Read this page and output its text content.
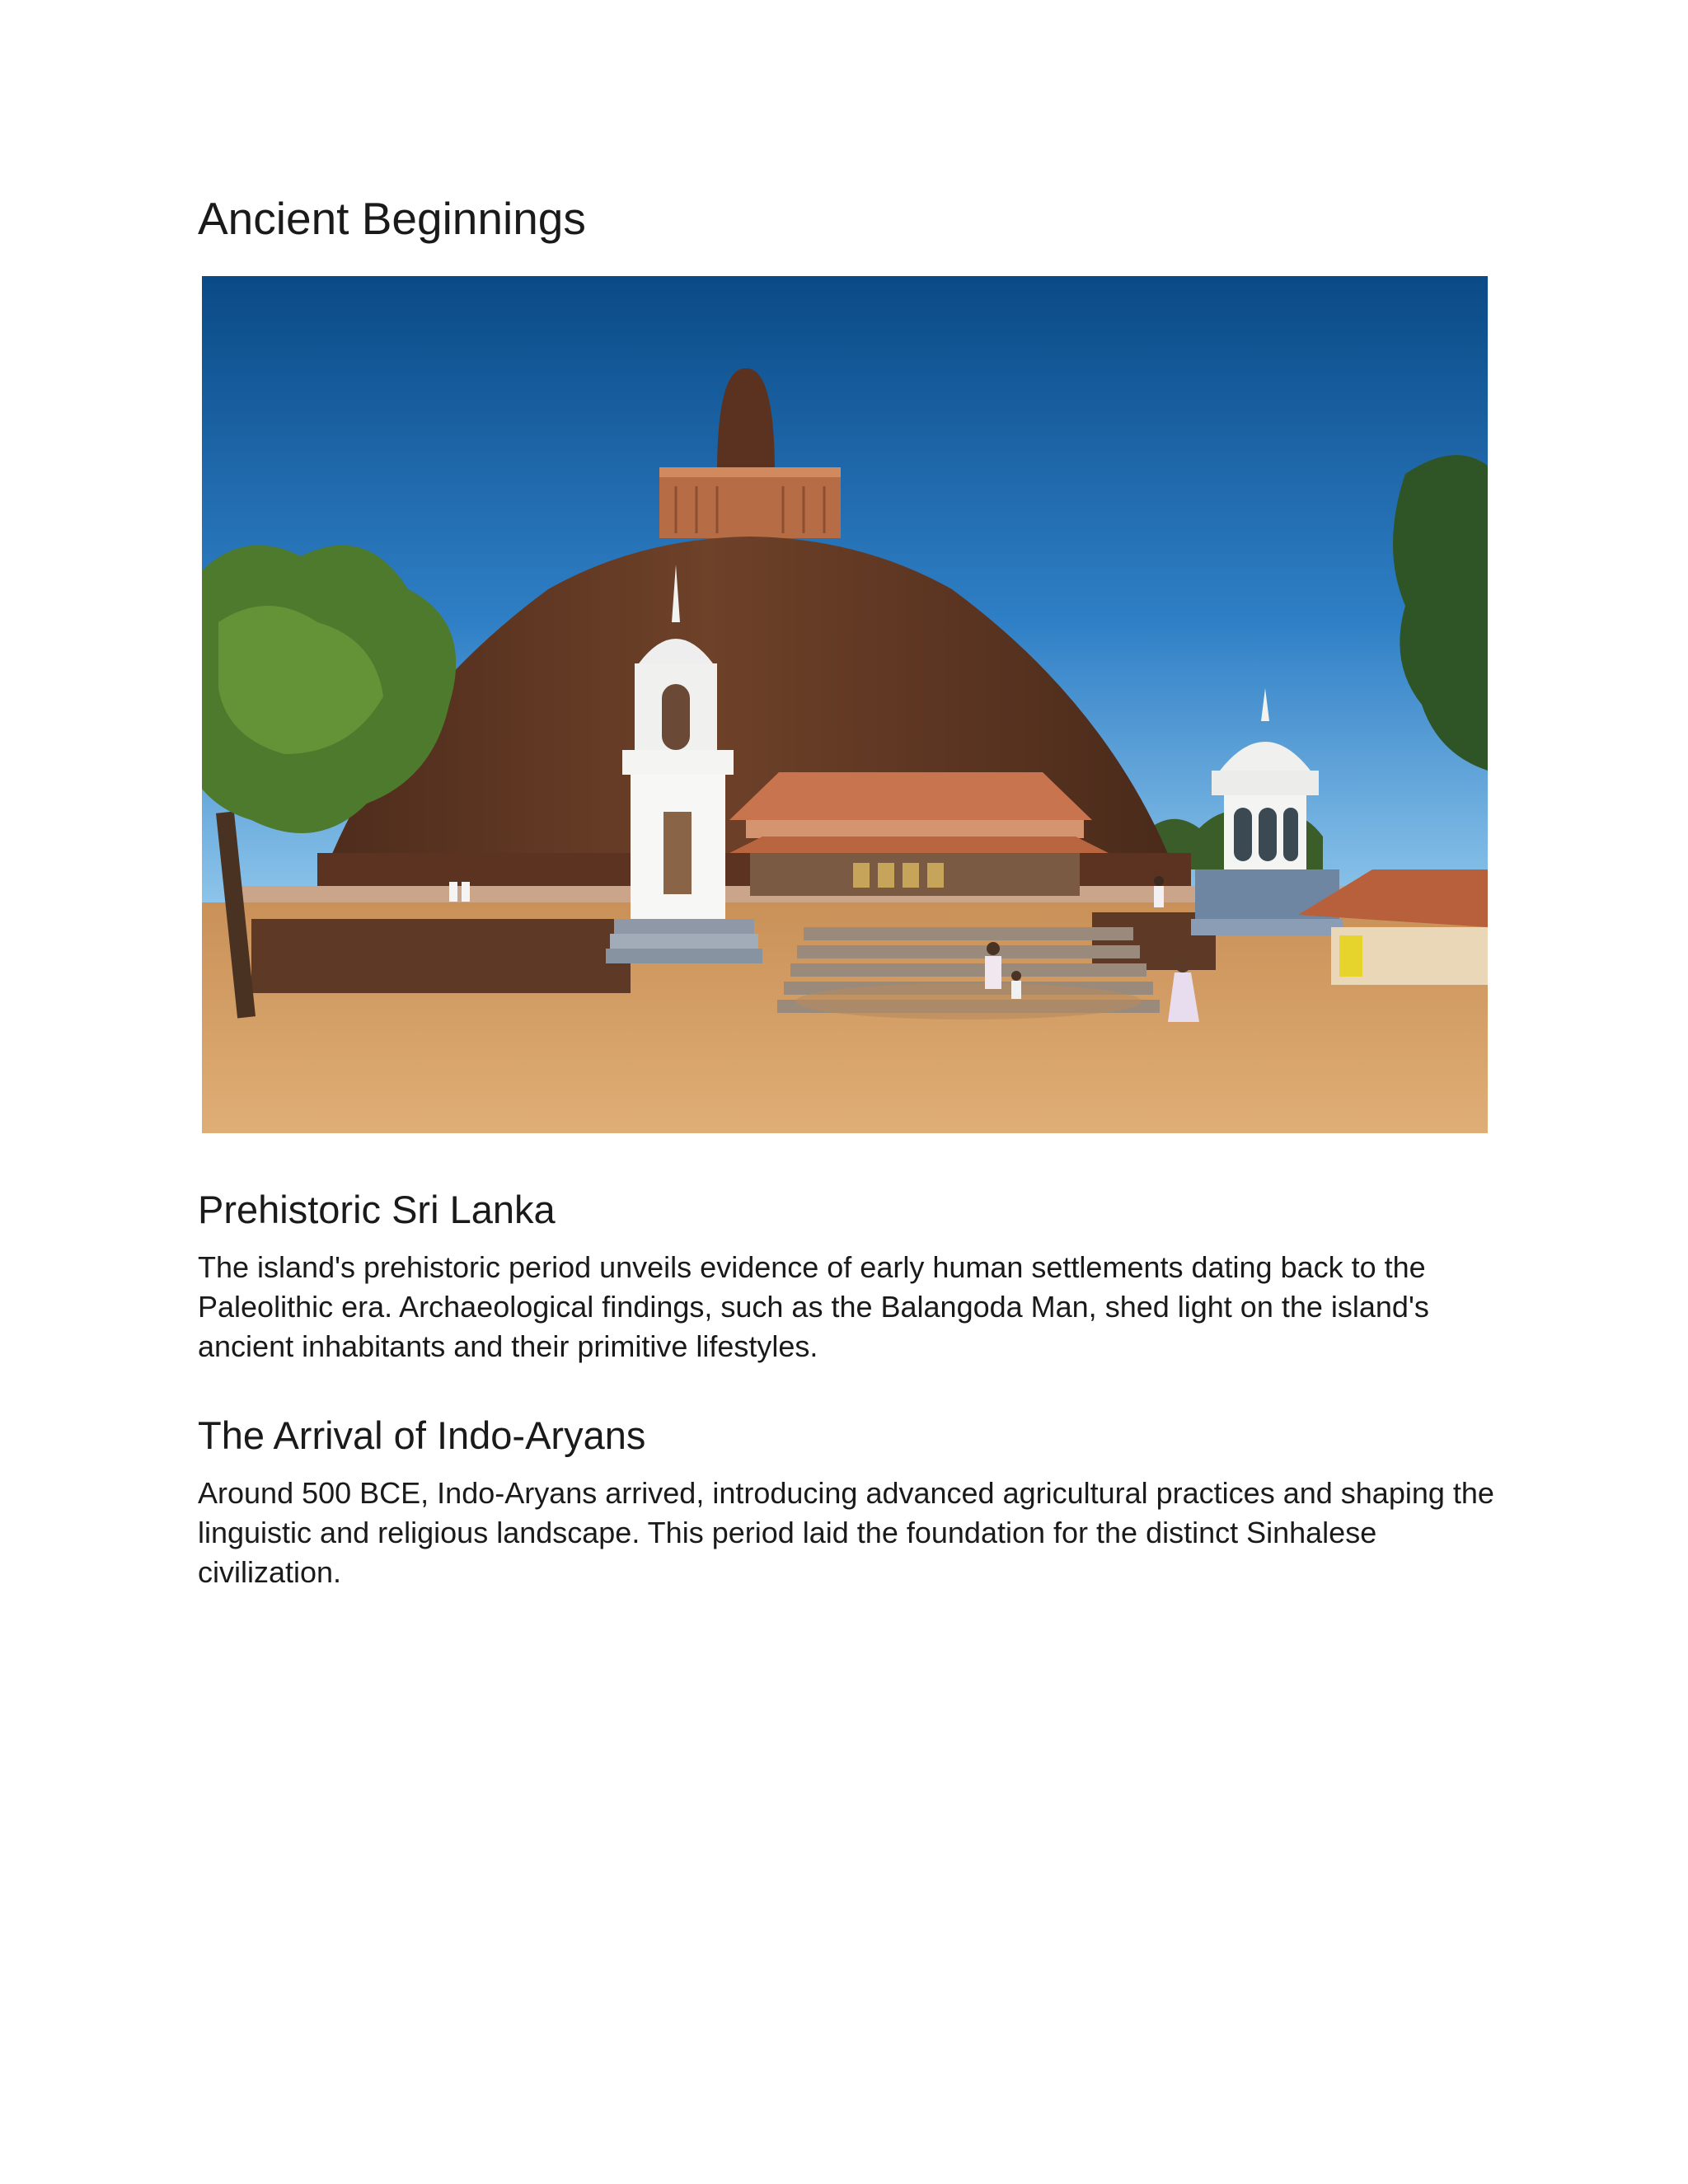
Ancient Beginnings
Prehistoric Sri Lanka

The island's prehistoric period unveils evidence of early human settlements dating back to the Paleolithic era. Archaeological findings, such as the Balangoda Man, shed light on the island's ancient inhabitants and their primitive lifestyles.

The Arrival of Indo-Aryans

Around 500 BCE, Indo-Aryans arrived, introducing advanced agricultural practices and shaping the linguistic and religious landscape. This period laid the foundation for the distinct Sinhalese civilization.
